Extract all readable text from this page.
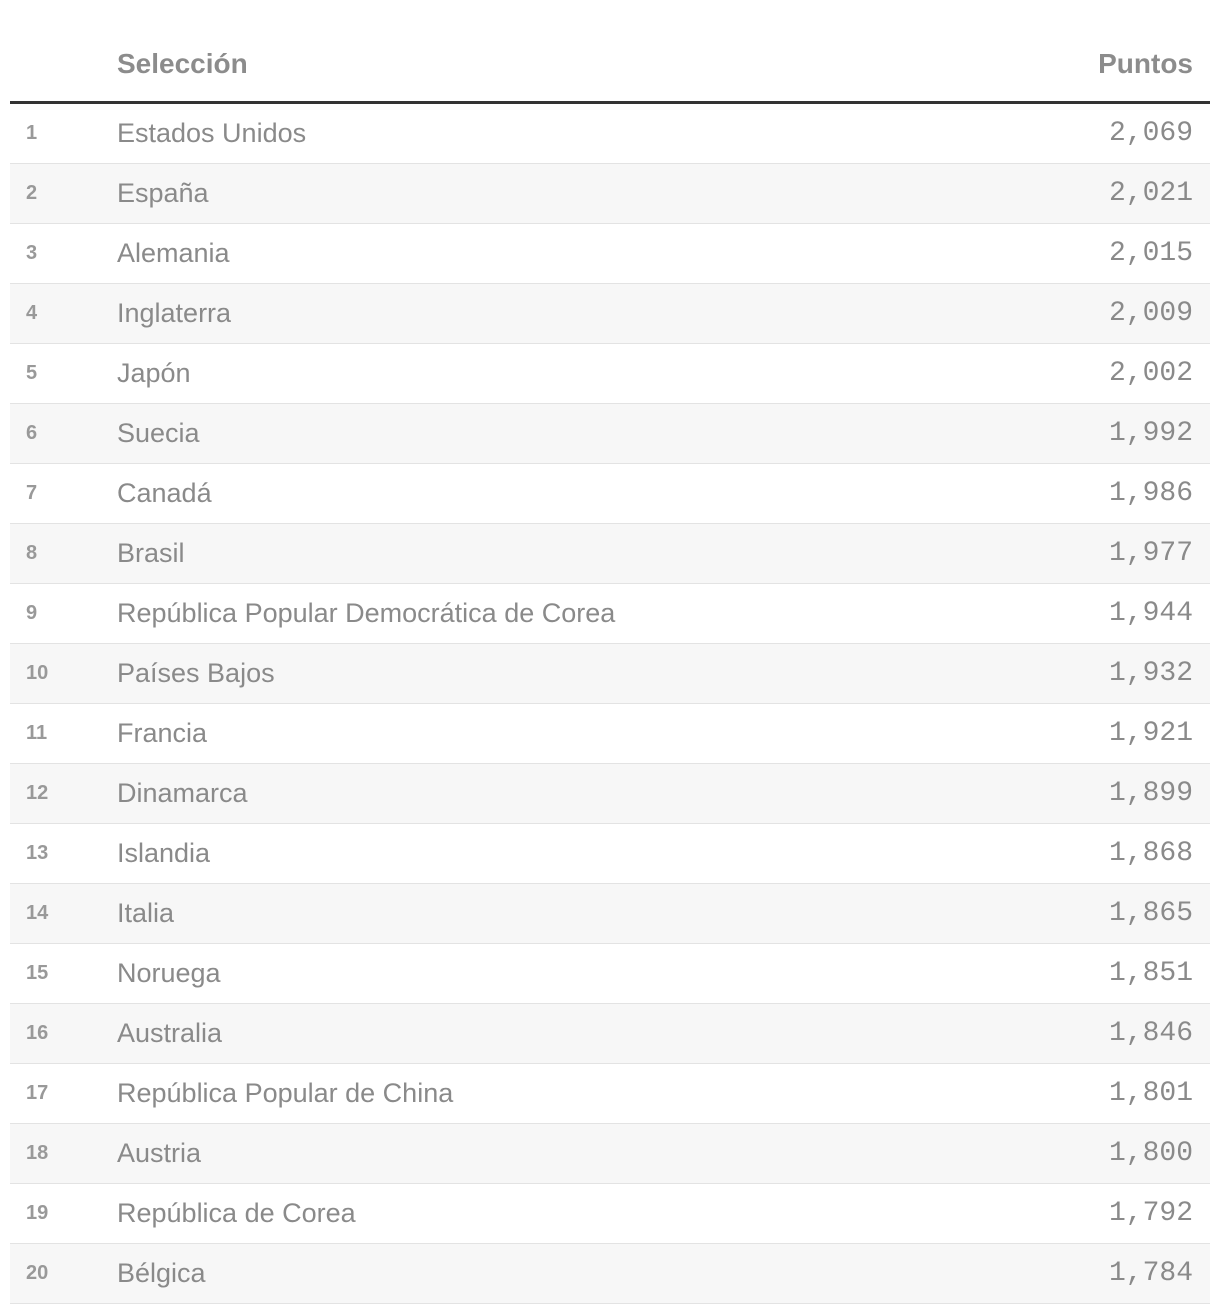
Selección	Puntos
1	Estados Unidos	2,069
2	España	2,021
3	Alemania	2,015
4	Inglaterra	2,009
5	Japón	2,002
6	Suecia	1,992
7	Canadá	1,986
8	Brasil	1,977
9	República Popular Democrática de Corea	1,944
10	Países Bajos	1,932
11	Francia	1,921
12	Dinamarca	1,899
13	Islandia	1,868
14	Italia	1,865
15	Noruega	1,851
16	Australia	1,846
17	República Popular de China	1,801
18	Austria	1,800
19	República de Corea	1,792
20	Bélgica	1,784
